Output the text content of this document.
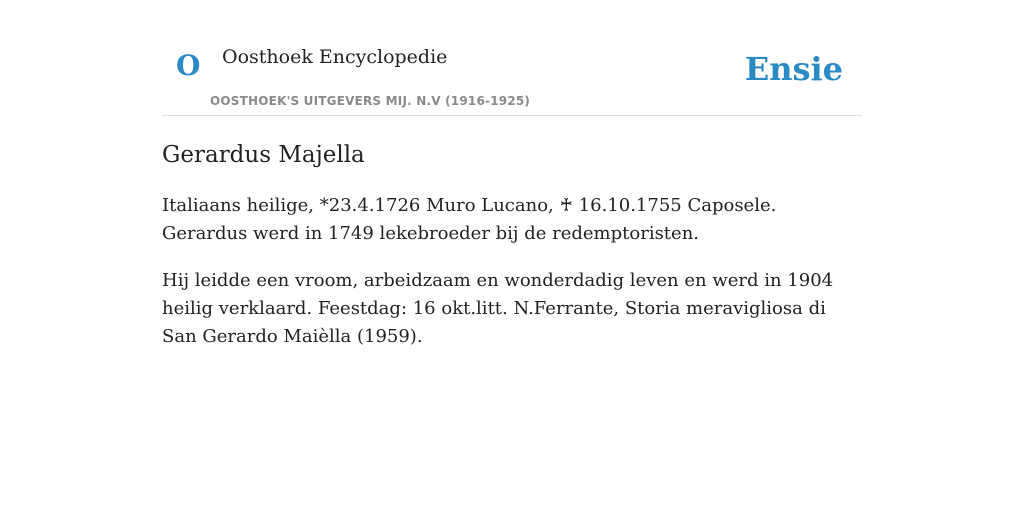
O Oosthoek Encyclopedie
OOSTHOEK'S UITGEVERS MIJ. N.V (1916-1925)
Ensie
Gerardus Majella

Italiaans heilige, *23.4.1726 Muro Lucano, ♰ 16.10.1755 Caposele. Gerardus werd in 1749 lekebroeder bij de redemptoristen.

Hij leidde een vroom, arbeidzaam en wonderdadig leven en werd in 1904 heilig verklaard. Feestdag: 16 okt.litt. N.Ferrante, Storia meravigliosa di San Gerardo Maièlla (1959).
